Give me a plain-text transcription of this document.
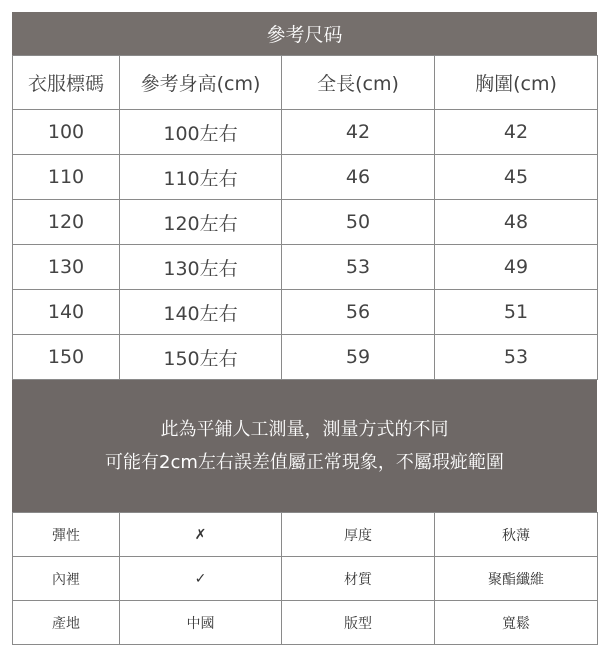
參考尺码
衣服標碼	參考身高(cm)	全長(cm)	胸圍(cm)
100	100左右	42	42
110	110左右	46	45
120	120左右	50	48
130	130左右	53	49
140	140左右	56	51
150	150左右	59	53
此為平鋪人工測量，測量方式的不同
可能有2cm左右誤差值屬正常現象，不屬瑕疵範圍
彈性	✗	厚度	秋薄
內裡	✓	材質	聚酯纖維
產地	中國	版型	寬鬆
